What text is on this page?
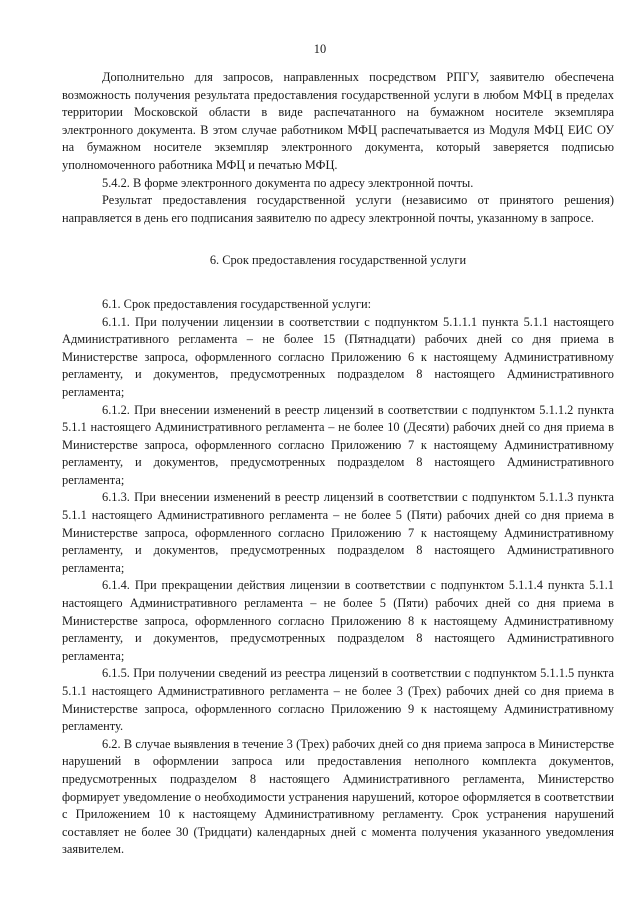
10

Дополнительно для запросов, направленных посредством РПГУ, заявителю обеспечена возможность получения результата предоставления государственной услуги в любом МФЦ в пределах территории Московской области в виде распечатанного на бумажном носителе экземпляра электронного документа. В этом случае работником МФЦ распечатывается из Модуля МФЦ ЕИС ОУ на бумажном носителе экземпляр электронного документа, который заверяется подписью уполномоченного работника МФЦ и печатью МФЦ.

5.4.2. В форме электронного документа по адресу электронной почты.

Результат предоставления государственной услуги (независимо от принятого решения) направляется в день его подписания заявителю по адресу электронной почты, указанному в запросе.

6. Срок предоставления государственной услуги

6.1. Срок предоставления государственной услуги:

6.1.1. При получении лицензии в соответствии с подпунктом 5.1.1.1 пункта 5.1.1 настоящего Административного регламента – не более 15 (Пятнадцати) рабочих дней со дня приема в Министерстве запроса, оформленного согласно Приложению 6 к настоящему Административному регламенту, и документов, предусмотренных подразделом 8 настоящего Административного регламента;

6.1.2. При внесении изменений в реестр лицензий в соответствии с подпунктом 5.1.1.2 пункта 5.1.1 настоящего Административного регламента – не более 10 (Десяти) рабочих дней со дня приема в Министерстве запроса, оформленного согласно Приложению 7 к настоящему Административному регламенту, и документов, предусмотренных подразделом 8 настоящего Административного регламента;

6.1.3. При внесении изменений в реестр лицензий в соответствии с подпунктом 5.1.1.3 пункта 5.1.1 настоящего Административного регламента – не более 5 (Пяти) рабочих дней со дня приема в Министерстве запроса, оформленного согласно Приложению 7 к настоящему Административному регламенту, и документов, предусмотренных подразделом 8 настоящего Административного регламента;

6.1.4. При прекращении действия лицензии в соответствии с подпунктом 5.1.1.4 пункта 5.1.1 настоящего Административного регламента – не более 5 (Пяти) рабочих дней со дня приема в Министерстве запроса, оформленного согласно Приложению 8 к настоящему Административному регламенту, и документов, предусмотренных подразделом 8 настоящего Административного регламента;

6.1.5. При получении сведений из реестра лицензий в соответствии с подпунктом 5.1.1.5 пункта 5.1.1 настоящего Административного регламента – не более 3 (Трех) рабочих дней со дня приема в Министерстве запроса, оформленного согласно Приложению 9 к настоящему Административному регламенту.

6.2. В случае выявления в течение 3 (Трех) рабочих дней со дня приема запроса в Министерстве нарушений в оформлении запроса или предоставления неполного комплекта документов, предусмотренных подразделом 8 настоящего Административного регламента, Министерство формирует уведомление о необходимости устранения нарушений, которое оформляется в соответствии с Приложением 10 к настоящему Административному регламенту. Срок устранения нарушений составляет не более 30 (Тридцати) календарных дней с момента получения указанного уведомления заявителем.
